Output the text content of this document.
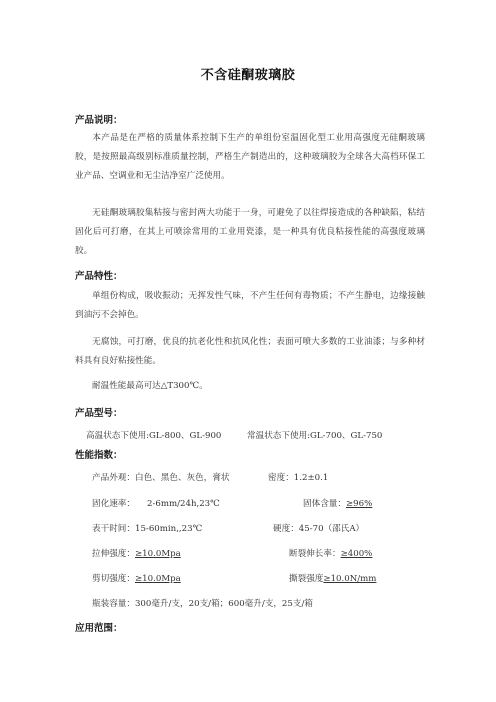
不含硅酮玻璃胶
产品说明：
本产品是在严格的质量体系控制下生产的单组份室温固化型工业用高强度无硅酮玻璃胶，是按照最高级别标准质量控制，严格生产制造出的，这种玻璃胶为全球各大高档环保工业产品、空调业和无尘洁净室广泛使用。
无硅酮玻璃胶集粘接与密封两大功能于一身，可避免了以往焊接造成的各种缺陷，粘结固化后可打磨，在其上可喷涂常用的工业用瓷漆，是一种具有优良粘接性能的高强度玻璃胶。
产品特性：
单组份构成，吸收振动；无挥发性气味，不产生任何有毒物质；不产生静电，边缘接触到油污不会掉色。
无腐蚀，可打磨，优良的抗老化性和抗风化性；表面可喷大多数的工业油漆；与多种材料具有良好粘接性能。
耐温性能最高可达△T300℃。
产品型号：
高温状态下使用:GL-800、GL-900	常温状态下使用:GL-700、GL-750
性能指数：
产品外观：白色、黑色、灰色，膏状	密度：1.2±0.1
固化速率： 2-6mm/24h,23℃	固体含量：≥96%
表干时间：15-60min,,23℃	硬度：45-70（邵氏A）
拉伸强度：≥10.0Mpa	断裂伸长率：≥400%
剪切强度：≥10.0Mpa	撕裂强度≥10.0N/mm
瓶装容量：300毫升/支，20支/箱；600毫升/支，25支/箱
应用范围：
